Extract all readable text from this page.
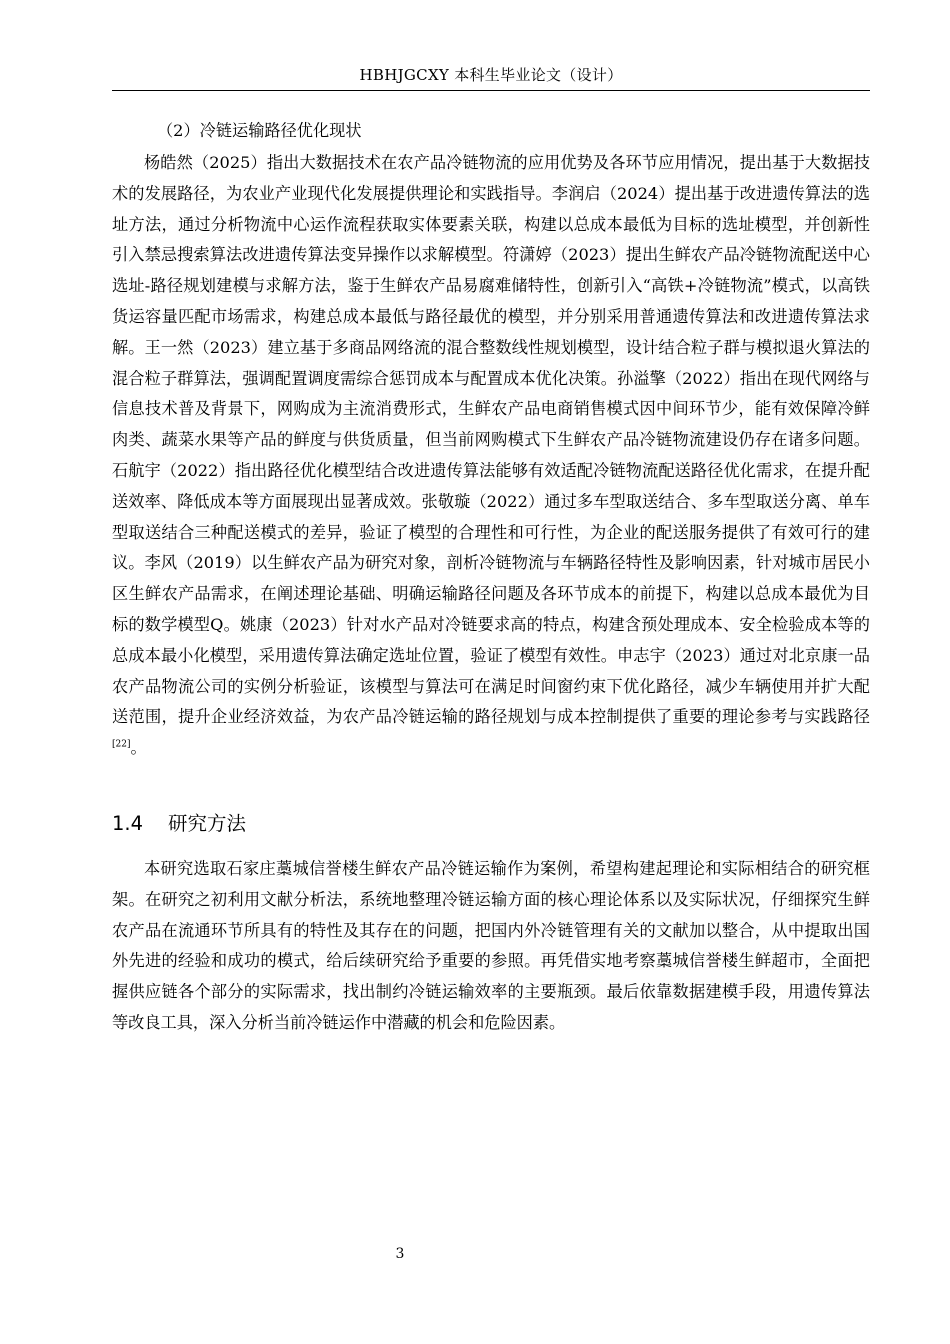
HBHJGCXY 本科生毕业论文（设计）

（2）冷链运输路径优化现状

杨皓然（2025）指出大数据技术在农产品冷链物流的应用优势及各环节应用情况，提出基于大数据技术的发展路径，为农业产业现代化发展提供理论和实践指导。李润启（2024）提出基于改进遗传算法的选址方法，通过分析物流中心运作流程获取实体要素关联，构建以总成本最低为目标的选址模型，并创新性引入禁忌搜索算法改进遗传算法变异操作以求解模型。符潇婷（2023）提出生鲜农产品冷链物流配送中心选址-路径规划建模与求解方法，鉴于生鲜农产品易腐难储特性，创新引入“高铁+冷链物流”模式，以高铁货运容量匹配市场需求，构建总成本最低与路径最优的模型，并分别采用普通遗传算法和改进遗传算法求解。王一然（2023）建立基于多商品网络流的混合整数线性规划模型，设计结合粒子群与模拟退火算法的混合粒子群算法，强调配置调度需综合惩罚成本与配置成本优化决策。孙溢擎（2022）指出在现代网络与信息技术普及背景下，网购成为主流消费形式，生鲜农产品电商销售模式因中间环节少，能有效保障冷鲜肉类、蔬菜水果等产品的鲜度与供货质量，但当前网购模式下生鲜农产品冷链物流建设仍存在诸多问题。石航宇（2022）指出路径优化模型结合改进遗传算法能够有效适配冷链物流配送路径优化需求，在提升配送效率、降低成本等方面展现出显著成效。张敬璇（2022）通过多车型取送结合、多车型取送分离、单车型取送结合三种配送模式的差异，验证了模型的合理性和可行性，为企业的配送服务提供了有效可行的建议。李风（2019）以生鲜农产品为研究对象，剖析冷链物流与车辆路径特性及影响因素，针对城市居民小区生鲜农产品需求，在阐述理论基础、明确运输路径问题及各环节成本的前提下，构建以总成本最优为目标的数学模型Q。姚康（2023）针对水产品对冷链要求高的特点，构建含预处理成本、安全检验成本等的总成本最小化模型，采用遗传算法确定选址位置，验证了模型有效性。申志宇（2023）通过对北京康一品农产品物流公司的实例分析验证，该模型与算法可在满足时间窗约束下优化路径，减少车辆使用并扩大配送范围，提升企业经济效益，为农产品冷链运输的路径规划与成本控制提供了重要的理论参考与实践路径[22]。

1.4 研究方法

本研究选取石家庄藁城信誉楼生鲜农产品冷链运输作为案例，希望构建起理论和实际相结合的研究框架。在研究之初利用文献分析法，系统地整理冷链运输方面的核心理论体系以及实际状况，仔细探究生鲜农产品在流通环节所具有的特性及其存在的问题，把国内外冷链管理有关的文献加以整合，从中提取出国外先进的经验和成功的模式，给后续研究给予重要的参照。再凭借实地考察藁城信誉楼生鲜超市，全面把握供应链各个部分的实际需求，找出制约冷链运输效率的主要瓶颈。最后依靠数据建模手段，用遗传算法等改良工具，深入分析当前冷链运作中潜藏的机会和危险因素。

3
